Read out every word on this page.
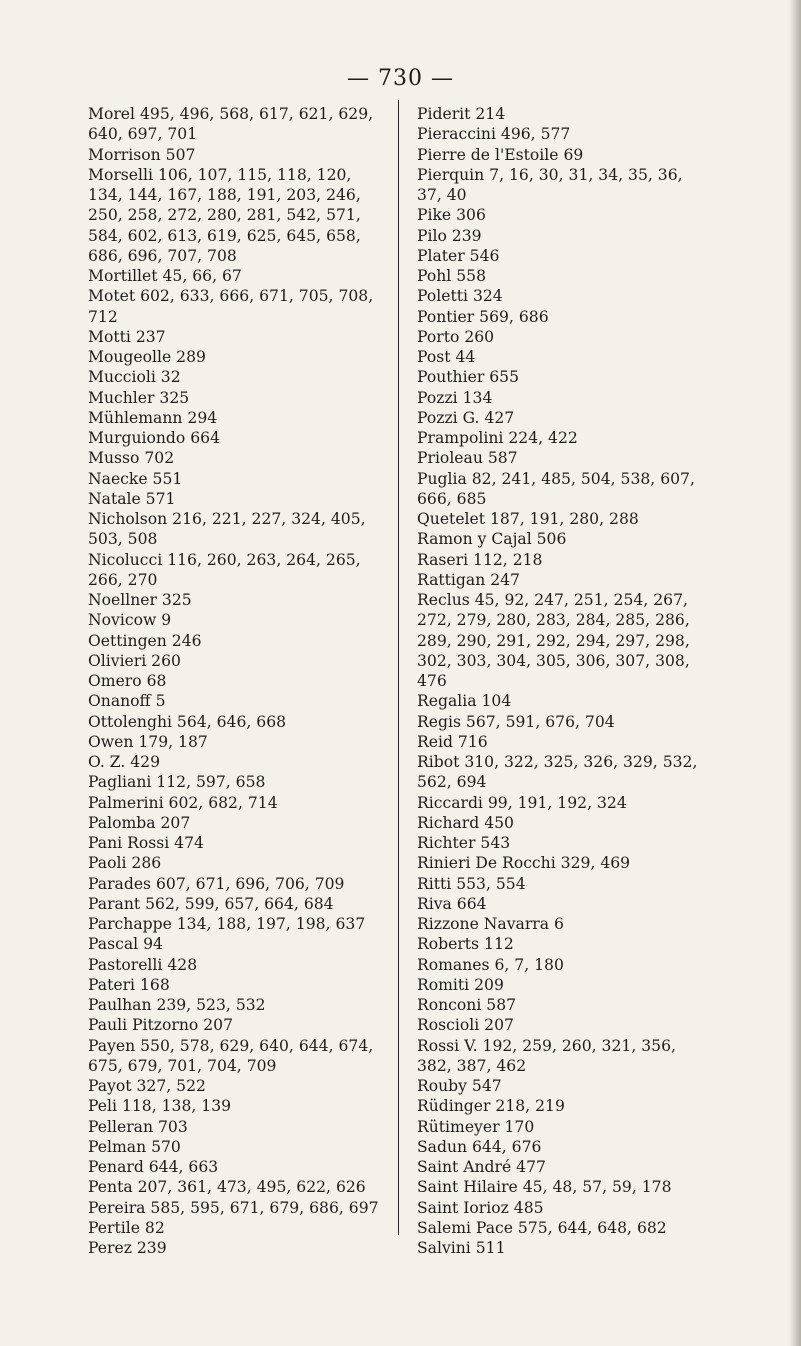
— 730 —
Morel 495, 496, 568, 617, 621, 629,
640, 697, 701
Morrison 507
Morselli 106, 107, 115, 118, 120,
134, 144, 167, 188, 191, 203, 246,
250, 258, 272, 280, 281, 542, 571,
584, 602, 613, 619, 625, 645, 658,
686, 696, 707, 708
Mortillet 45, 66, 67
Motet 602, 633, 666, 671, 705, 708,
712
Motti 237
Mougeolle 289
Muccioli 32
Muchler 325
Mühlemann 294
Murguiondo 664
Musso 702
Naecke 551
Natale 571
Nicholson 216, 221, 227, 324, 405,
503, 508
Nicolucci 116, 260, 263, 264, 265,
266, 270
Noellner 325
Novicow 9
Oettingen 246
Olivieri 260
Omero 68
Onanoff 5
Ottolenghi 564, 646, 668
Owen 179, 187
O. Z. 429
Pagliani 112, 597, 658
Palmerini 602, 682, 714
Palomba 207
Pani Rossi 474
Paoli 286
Parades 607, 671, 696, 706, 709
Parant 562, 599, 657, 664, 684
Parchappe 134, 188, 197, 198, 637
Pascal 94
Pastorelli 428
Pateri 168
Paulhan 239, 523, 532
Pauli Pitzorno 207
Payen 550, 578, 629, 640, 644, 674,
675, 679, 701, 704, 709
Payot 327, 522
Peli 118, 138, 139
Pelleran 703
Pelman 570
Penard 644, 663
Penta 207, 361, 473, 495, 622, 626
Pereira 585, 595, 671, 679, 686, 697
Pertile 82
Perez 239
Piderit 214
Pieraccini 496, 577
Pierre de l'Estoile 69
Pierquin 7, 16, 30, 31, 34, 35, 36,
37, 40
Pike 306
Pilo 239
Plater 546
Pohl 558
Poletti 324
Pontier 569, 686
Porto 260
Post 44
Pouthier 655
Pozzi 134
Pozzi G. 427
Prampolini 224, 422
Prioleau 587
Puglia 82, 241, 485, 504, 538, 607,
666, 685
Quetelet 187, 191, 280, 288
Ramon y Cajal 506
Raseri 112, 218
Rattigan 247
Reclus 45, 92, 247, 251, 254, 267,
272, 279, 280, 283, 284, 285, 286,
289, 290, 291, 292, 294, 297, 298,
302, 303, 304, 305, 306, 307, 308,
476
Regalia 104
Regis 567, 591, 676, 704
Reid 716
Ribot 310, 322, 325, 326, 329, 532,
562, 694
Riccardi 99, 191, 192, 324
Richard 450
Richter 543
Rinieri De Rocchi 329, 469
Ritti 553, 554
Riva 664
Rizzone Navarra 6
Roberts 112
Romanes 6, 7, 180
Romiti 209
Ronconi 587
Roscioli 207
Rossi V. 192, 259, 260, 321, 356,
382, 387, 462
Rouby 547
Rüdinger 218, 219
Rütimeyer 170
Sadun 644, 676
Saint André 477
Saint Hilaire 45, 48, 57, 59, 178
Saint Iorioz 485
Salemi Pace 575, 644, 648, 682
Salvini 511
